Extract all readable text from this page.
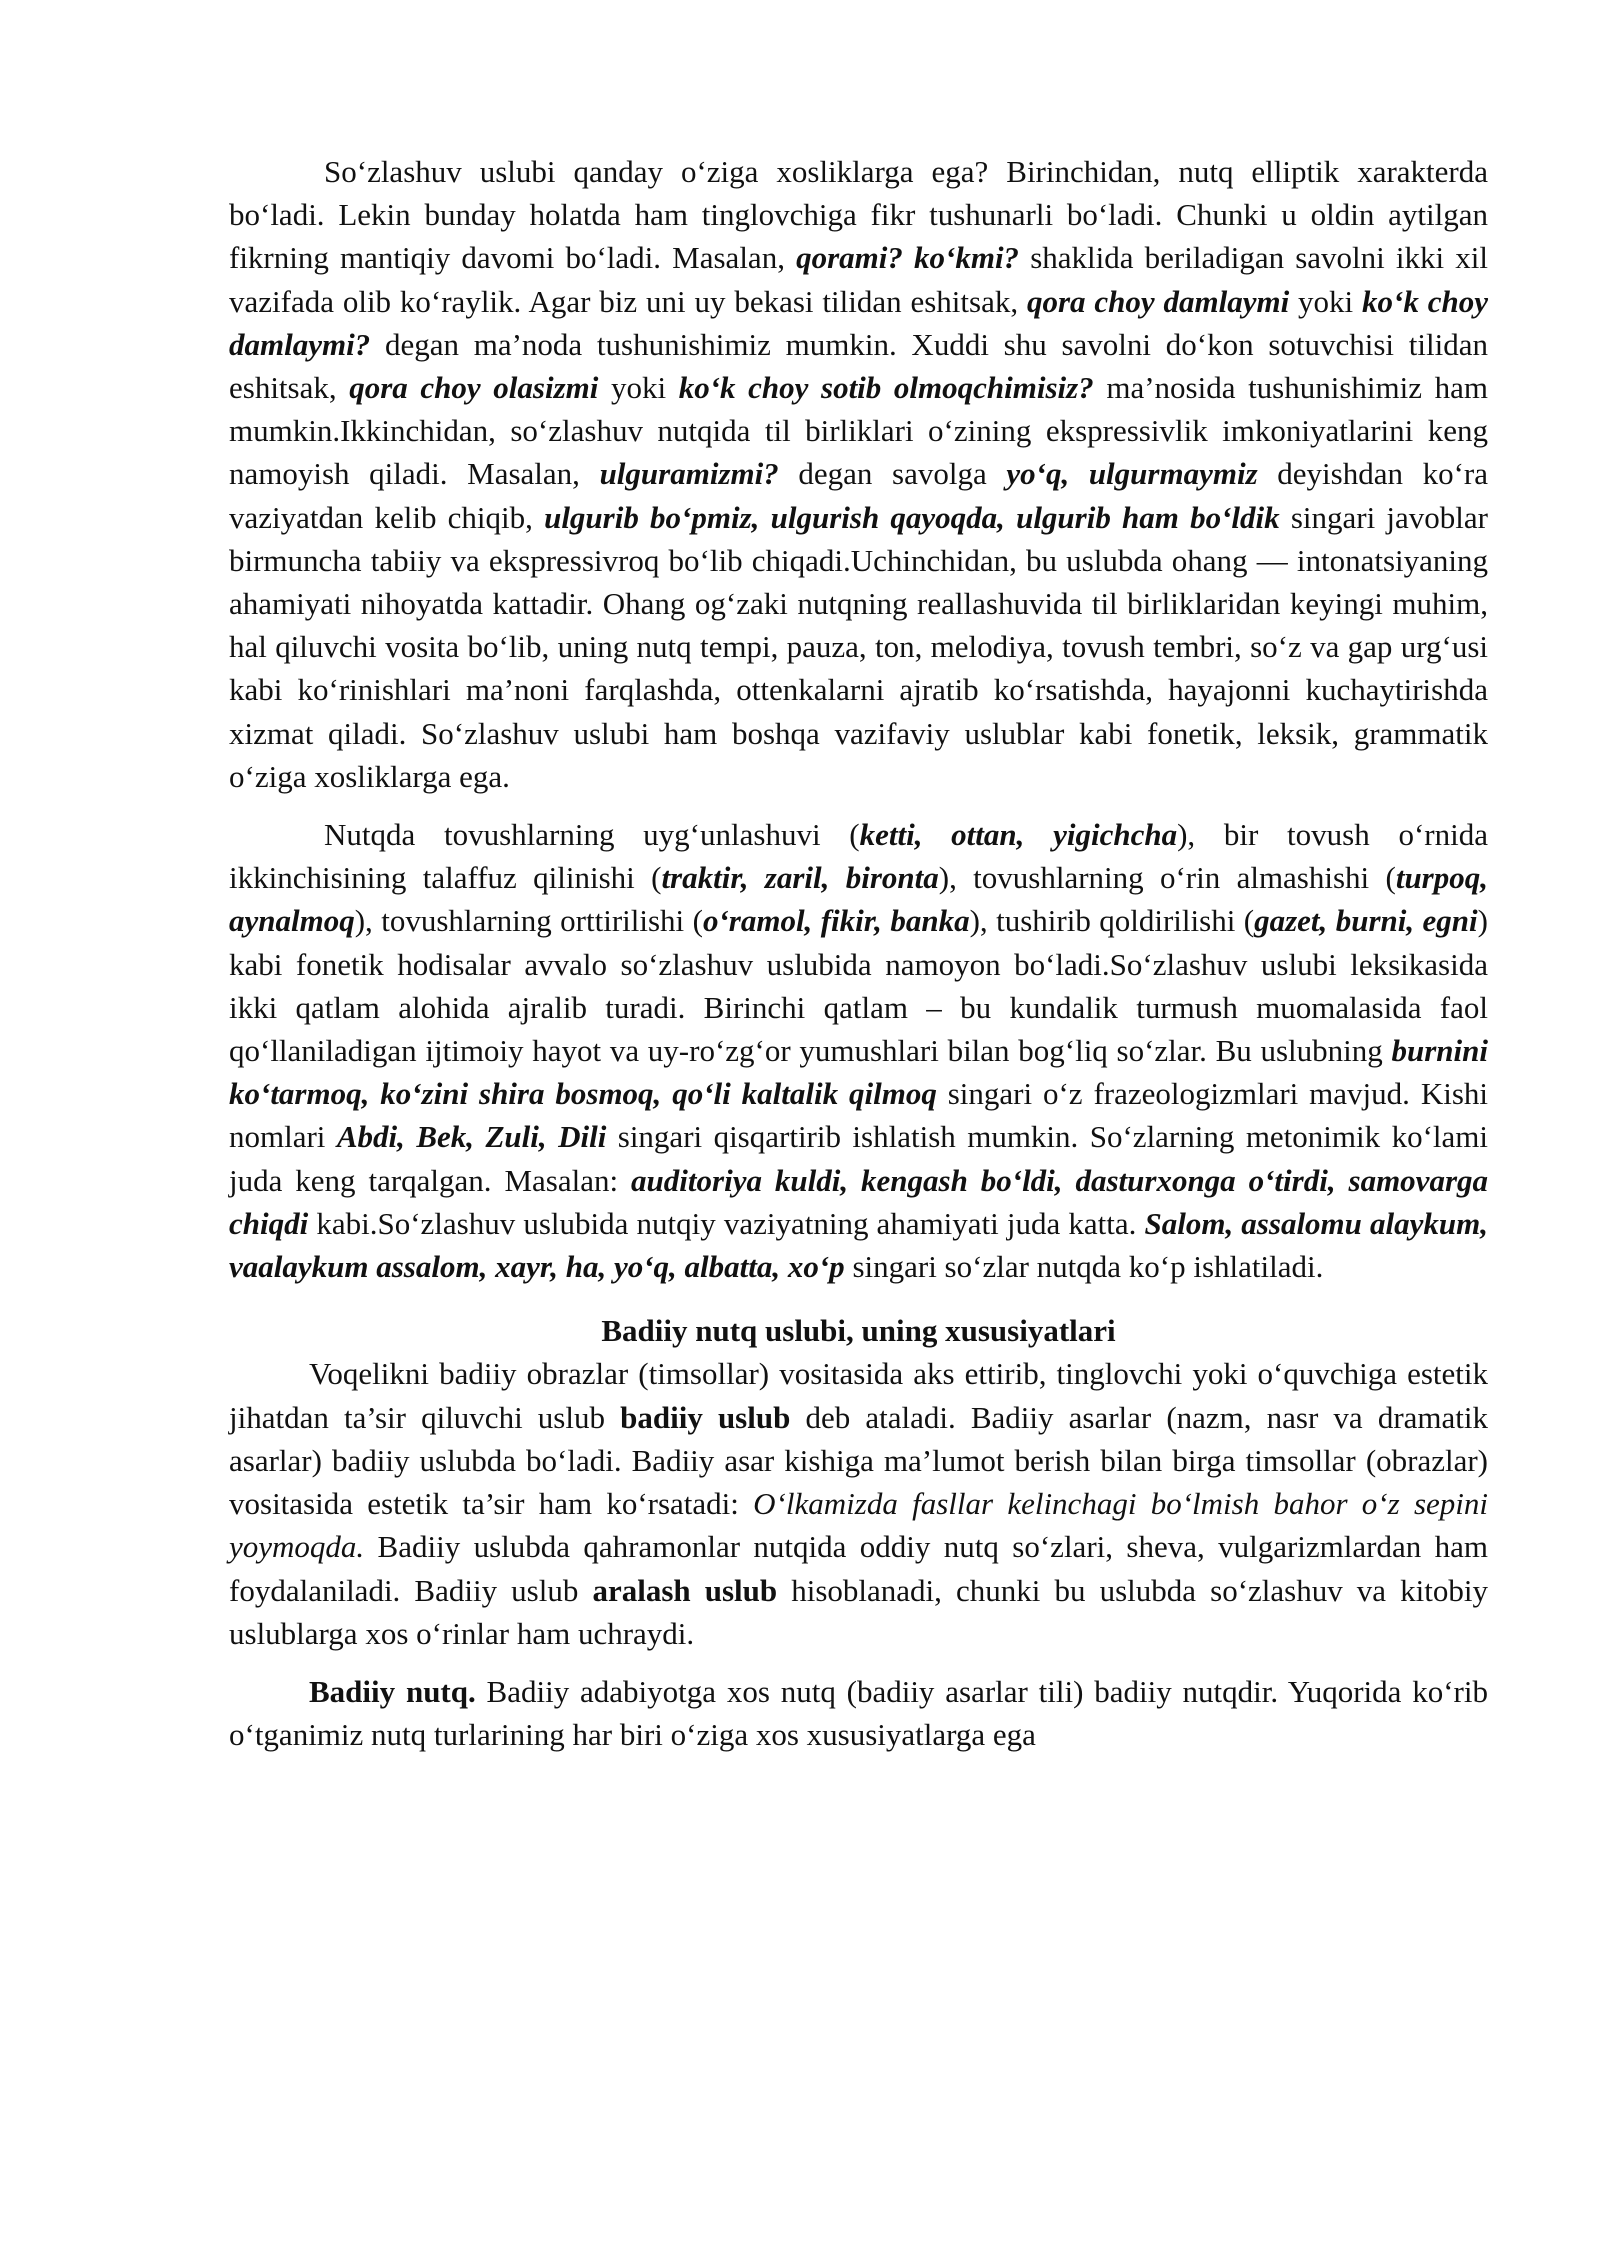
So‘zlashuv uslubi qanday o‘ziga xosliklarga ega? Birinchidan, nutq elliptik xarakterda bo‘ladi. Lekin bunday holatda ham tinglovchiga fikr tushunarli bo‘ladi. Chunki u oldin aytilgan fikrning mantiqiy davomi bo‘ladi. Masalan, qorami? ko‘kmi? shaklida beriladigan savolni ikki xil vazifada olib ko‘raylik. Agar biz uni uy bekasi tilidan eshitsak, qora choy damlaymi yoki ko‘k choy damlaymi? degan ma’noda tushunishimiz mumkin. Xuddi shu savolni do‘kon sotuvchisi tilidan eshitsak, qora choy olasizmi yoki ko‘k choy sotib olmoqchimisiz? ma’nosida tushunishimiz ham mumkin.Ikkinchidan, so‘zlashuv nutqida til birliklari o‘zining ekspressivlik imkoniyatlarini keng namoyish qiladi. Masalan, ulguramizmi? degan savolga yo‘q, ulgurmaymiz deyishdan ko‘ra vaziyatdan kelib chiqib, ulgurib bo‘pmiz, ulgurish qayoqda, ulgurib ham bo‘ldik singari javoblar birmuncha tabiiy va ekspressivroq bo‘lib chiqadi.Uchinchidan, bu uslubda ohang — intonatsiyaning ahamiyati nihoyatda kattadir. Ohang og‘zaki nutqning reallashuvida til birliklaridan keyingi muhim, hal qiluvchi vosita bo‘lib, uning nutq tempi, pauza, ton, melodiya, tovush tembri, so‘z va gap urg‘usi kabi ko‘rinishlari ma’noni farqlashda, ottenkalarni ajratib ko‘rsatishda, hayajonni kuchaytirishda xizmat qiladi. So‘zlashuv uslubi ham boshqa vazifaviy uslublar kabi fonetik, leksik, grammatik o‘ziga xosliklarga ega.

Nutqda tovushlarning uyg‘unlashuvi (ketti, ottan, yigichcha), bir tovush o‘rnida ikkinchisining talaffuz qilinishi (traktir, zaril, bironta), tovushlarning o‘rin almashishi (turpoq, aynalmoq), tovushlarning orttirilishi (o‘ramol, fikir, banka), tushirib qoldirilishi (gazet, burni, egni) kabi fonetik hodisalar avvalo so‘zlashuv uslubida namoyon bo‘ladi.So‘zlashuv uslubi leksikasida ikki qatlam alohida ajralib turadi. Birinchi qatlam – bu kundalik turmush muomalasida faol qo‘llaniladigan ijtimoiy hayot va uy-ro‘zg‘or yumushlari bilan bog‘liq so‘zlar. Bu uslubning burnini ko‘tarmoq, ko‘zini shira bosmoq, qo‘li kaltalik qilmoq singari o‘z frazeologizmlari mavjud. Kishi nomlari Abdi, Bek, Zuli, Dili singari qisqartirib ishlatish mumkin. So‘zlarning metonimik ko‘lami juda keng tarqalgan. Masalan: auditoriya kuldi, kengash bo‘ldi, dasturxonga o‘tirdi, samovarga chiqdi kabi.So‘zlashuv uslubida nutqiy vaziyatning ahamiyati juda katta. Salom, assalomu alaykum, vaalaykum assalom, xayr, ha, yo‘q, albatta, xo‘p singari so‘zlar nutqda ko‘p ishlatiladi.

Badiiy nutq uslubi, uning xususiyatlari

Voqelikni badiiy obrazlar (timsollar) vositasida aks ettirib, tinglovchi yoki o‘quvchiga estetik jihatdan ta’sir qiluvchi uslub badiiy uslub deb ataladi. Badiiy asarlar (nazm, nasr va dramatik asarlar) badiiy uslubda bo‘ladi. Badiiy asar kishiga ma’lumot berish bilan birga timsollar (obrazlar) vositasida estetik ta’sir ham ko‘rsatadi: O‘lkamizda fasllar kelinchagi bo‘lmish bahor o‘z sepini yoymoqda. Badiiy uslubda qahramonlar nutqida oddiy nutq so‘zlari, sheva, vulgarizmlardan ham foydalaniladi. Badiiy uslub aralash uslub hisoblanadi, chunki bu uslubda so‘zlashuv va kitobiy uslublarga xos o‘rinlar ham uchraydi.

Badiiy nutq. Badiiy adabiyotga xos nutq (badiiy asarlar tili) badiiy nutqdir. Yuqorida ko‘rib o‘tganimiz nutq turlarining har biri o‘ziga xos xususiyatlarga ega
